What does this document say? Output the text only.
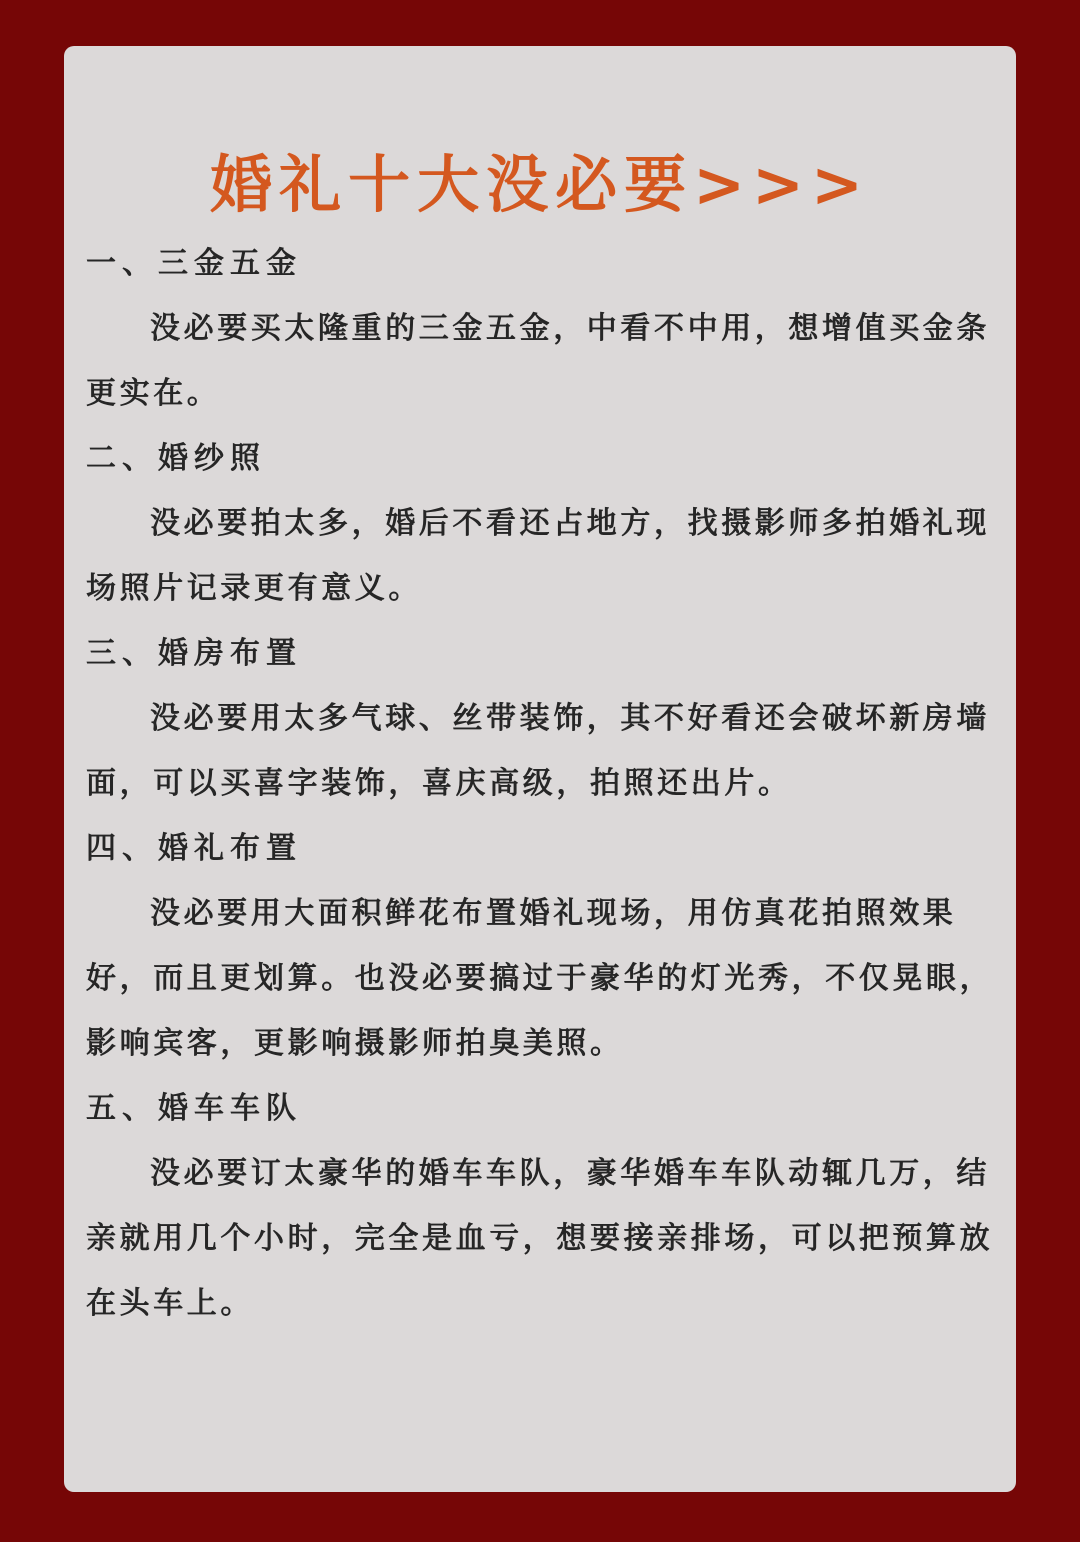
婚礼十大没必要>>>
一、三金五金

没必要买太隆重的三金五金，中看不中用，想增值买金条更实在。

二、婚纱照

没必要拍太多，婚后不看还占地方，找摄影师多拍婚礼现场照片记录更有意义。

三、婚房布置

没必要用太多气球、丝带装饰，其不好看还会破坏新房墙面，可以买喜字装饰，喜庆高级，拍照还出片。

四、婚礼布置

没必要用大面积鲜花布置婚礼现场，用仿真花拍照效果好，而且更划算。也没必要搞过于豪华的灯光秀，不仅晃眼，影响宾客，更影响摄影师拍臭美照。

五、婚车车队

没必要订太豪华的婚车车队，豪华婚车车队动辄几万，结亲就用几个小时，完全是血亏，想要接亲排场，可以把预算放在头车上。
